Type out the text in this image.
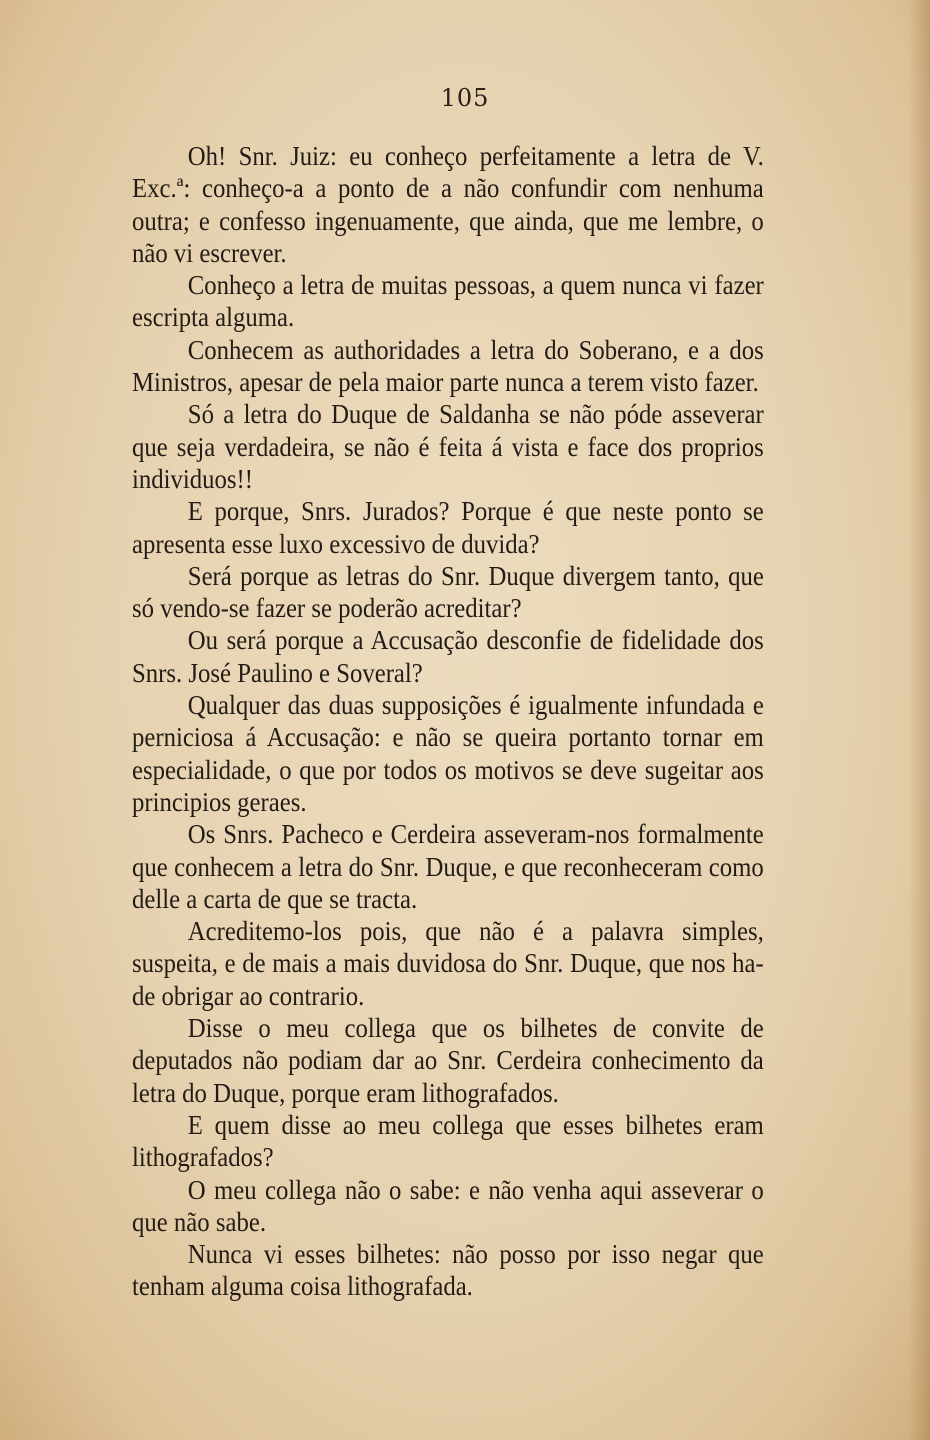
105

Oh! Snr. Juiz: eu conheço perfeitamente a letra de V. Exc.ª: conheço-a a ponto de a não confundir com nenhuma outra; e confesso ingenuamente, que ainda, que me lembre, o não vi escrever.

Conheço a letra de muitas pessoas, a quem nunca vi fazer escripta alguma.

Conhecem as authoridades a letra do Soberano, e a dos Ministros, apesar de pela maior parte nunca a terem visto fazer.

Só a letra do Duque de Saldanha se não póde asseverar que seja verdadeira, se não é feita á vista e face dos proprios individuos!!

E porque, Snrs. Jurados? Porque é que neste ponto se apresenta esse luxo excessivo de duvida?

Será porque as letras do Snr. Duque divergem tanto, que só vendo-se fazer se poderão acreditar?

Ou será porque a Accusação desconfie de fidelidade dos Snrs. José Paulino e Soveral?

Qualquer das duas supposições é igualmente infundada e perniciosa á Accusação: e não se queira portanto tornar em especialidade, o que por todos os motivos se deve sugeitar aos principios geraes.

Os Snrs. Pacheco e Cerdeira asseveram-nos formalmente que conhecem a letra do Snr. Duque, e que reconheceram como delle a carta de que se tracta.

Acreditemo-los pois, que não é a palavra simples, suspeita, e de mais a mais duvidosa do Snr. Duque, que nos ha-de obrigar ao contrario.

Disse o meu collega que os bilhetes de convite de deputados não podiam dar ao Snr. Cerdeira conhecimento da letra do Duque, porque eram lithografados.

E quem disse ao meu collega que esses bilhetes eram lithografados?

O meu collega não o sabe: e não venha aqui asseverar o que não sabe.

Nunca vi esses bilhetes: não posso por isso negar que tenham alguma coisa lithografada.
